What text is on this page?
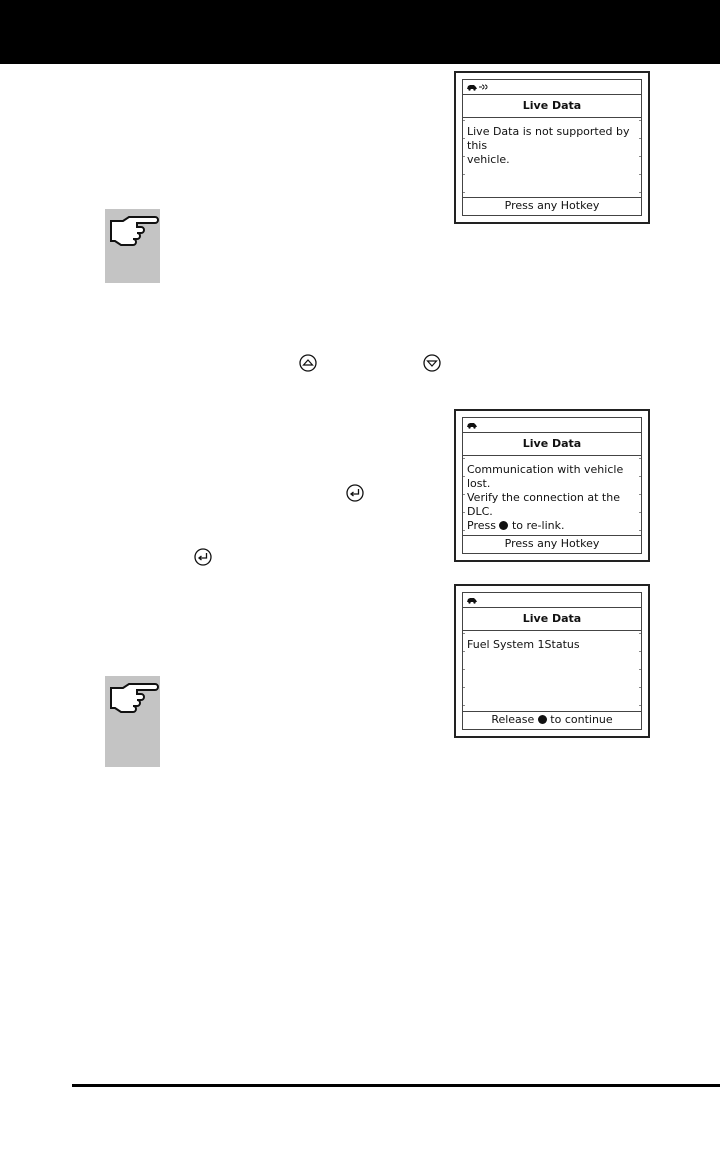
Live Data
Live Data is not supported by this
vehicle.
Press any Hotkey
Live Data
Communication with vehicle lost.
Verify the connection at the DLC.
Press to re-link.
Press any Hotkey
Live Data
Fuel System 1Status
Release to continue
